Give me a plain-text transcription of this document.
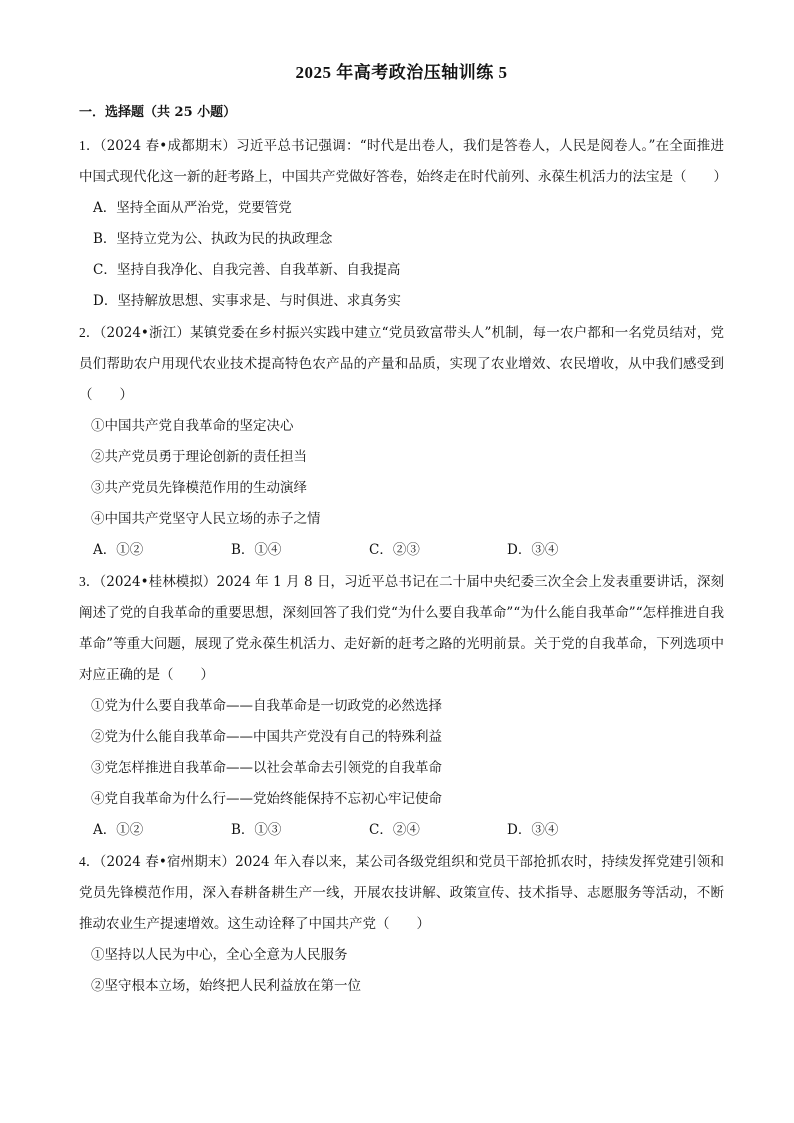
2025 年高考政治压轴训练 5
一．选择题（共 25 小题）

1．（2024 春•成都期末）习近平总书记强调：“时代是出卷人，我们是答卷人，人民是阅卷人。”在全面推进中国式现代化这一新的赶考路上，中国共产党做好答卷，始终走在时代前列、永葆生机活力的法宝是（　　）

A．坚持全面从严治党，党要管党

B．坚持立党为公、执政为民的执政理念

C．坚持自我净化、自我完善、自我革新、自我提高

D．坚持解放思想、实事求是、与时俱进、求真务实

2．（2024•浙江）某镇党委在乡村振兴实践中建立“党员致富带头人”机制，每一农户都和一名党员结对，党员们帮助农户用现代农业技术提高特色农产品的产量和品质，实现了农业增效、农民增收，从中我们感受到（　　）

①中国共产党自我革命的坚定决心

②共产党员勇于理论创新的责任担当

③共产党员先锋模范作用的生动演绎

④中国共产党坚守人民立场的赤子之情

A．①②	B．①④	C．②③	D．③④

3．（2024•桂林模拟）2024 年 1 月 8 日，习近平总书记在二十届中央纪委三次全会上发表重要讲话，深刻阐述了党的自我革命的重要思想，深刻回答了我们党“为什么要自我革命”“为什么能自我革命”“怎样推进自我革命”等重大问题，展现了党永葆生机活力、走好新的赶考之路的光明前景。关于党的自我革命，下列选项中对应正确的是（　　）

①党为什么要自我革命——自我革命是一切政党的必然选择

②党为什么能自我革命——中国共产党没有自己的特殊利益

③党怎样推进自我革命——以社会革命去引领党的自我革命

④党自我革命为什么行——党始终能保持不忘初心牢记使命

A．①②	B．①③	C．②④	D．③④

4．（2024 春•宿州期末）2024 年入春以来，某公司各级党组织和党员干部抢抓农时，持续发挥党建引领和党员先锋模范作用，深入春耕备耕生产一线，开展农技讲解、政策宣传、技术指导、志愿服务等活动，不断推动农业生产提速增效。这生动诠释了中国共产党（　　）

①坚持以人民为中心，全心全意为人民服务

②坚守根本立场，始终把人民利益放在第一位
